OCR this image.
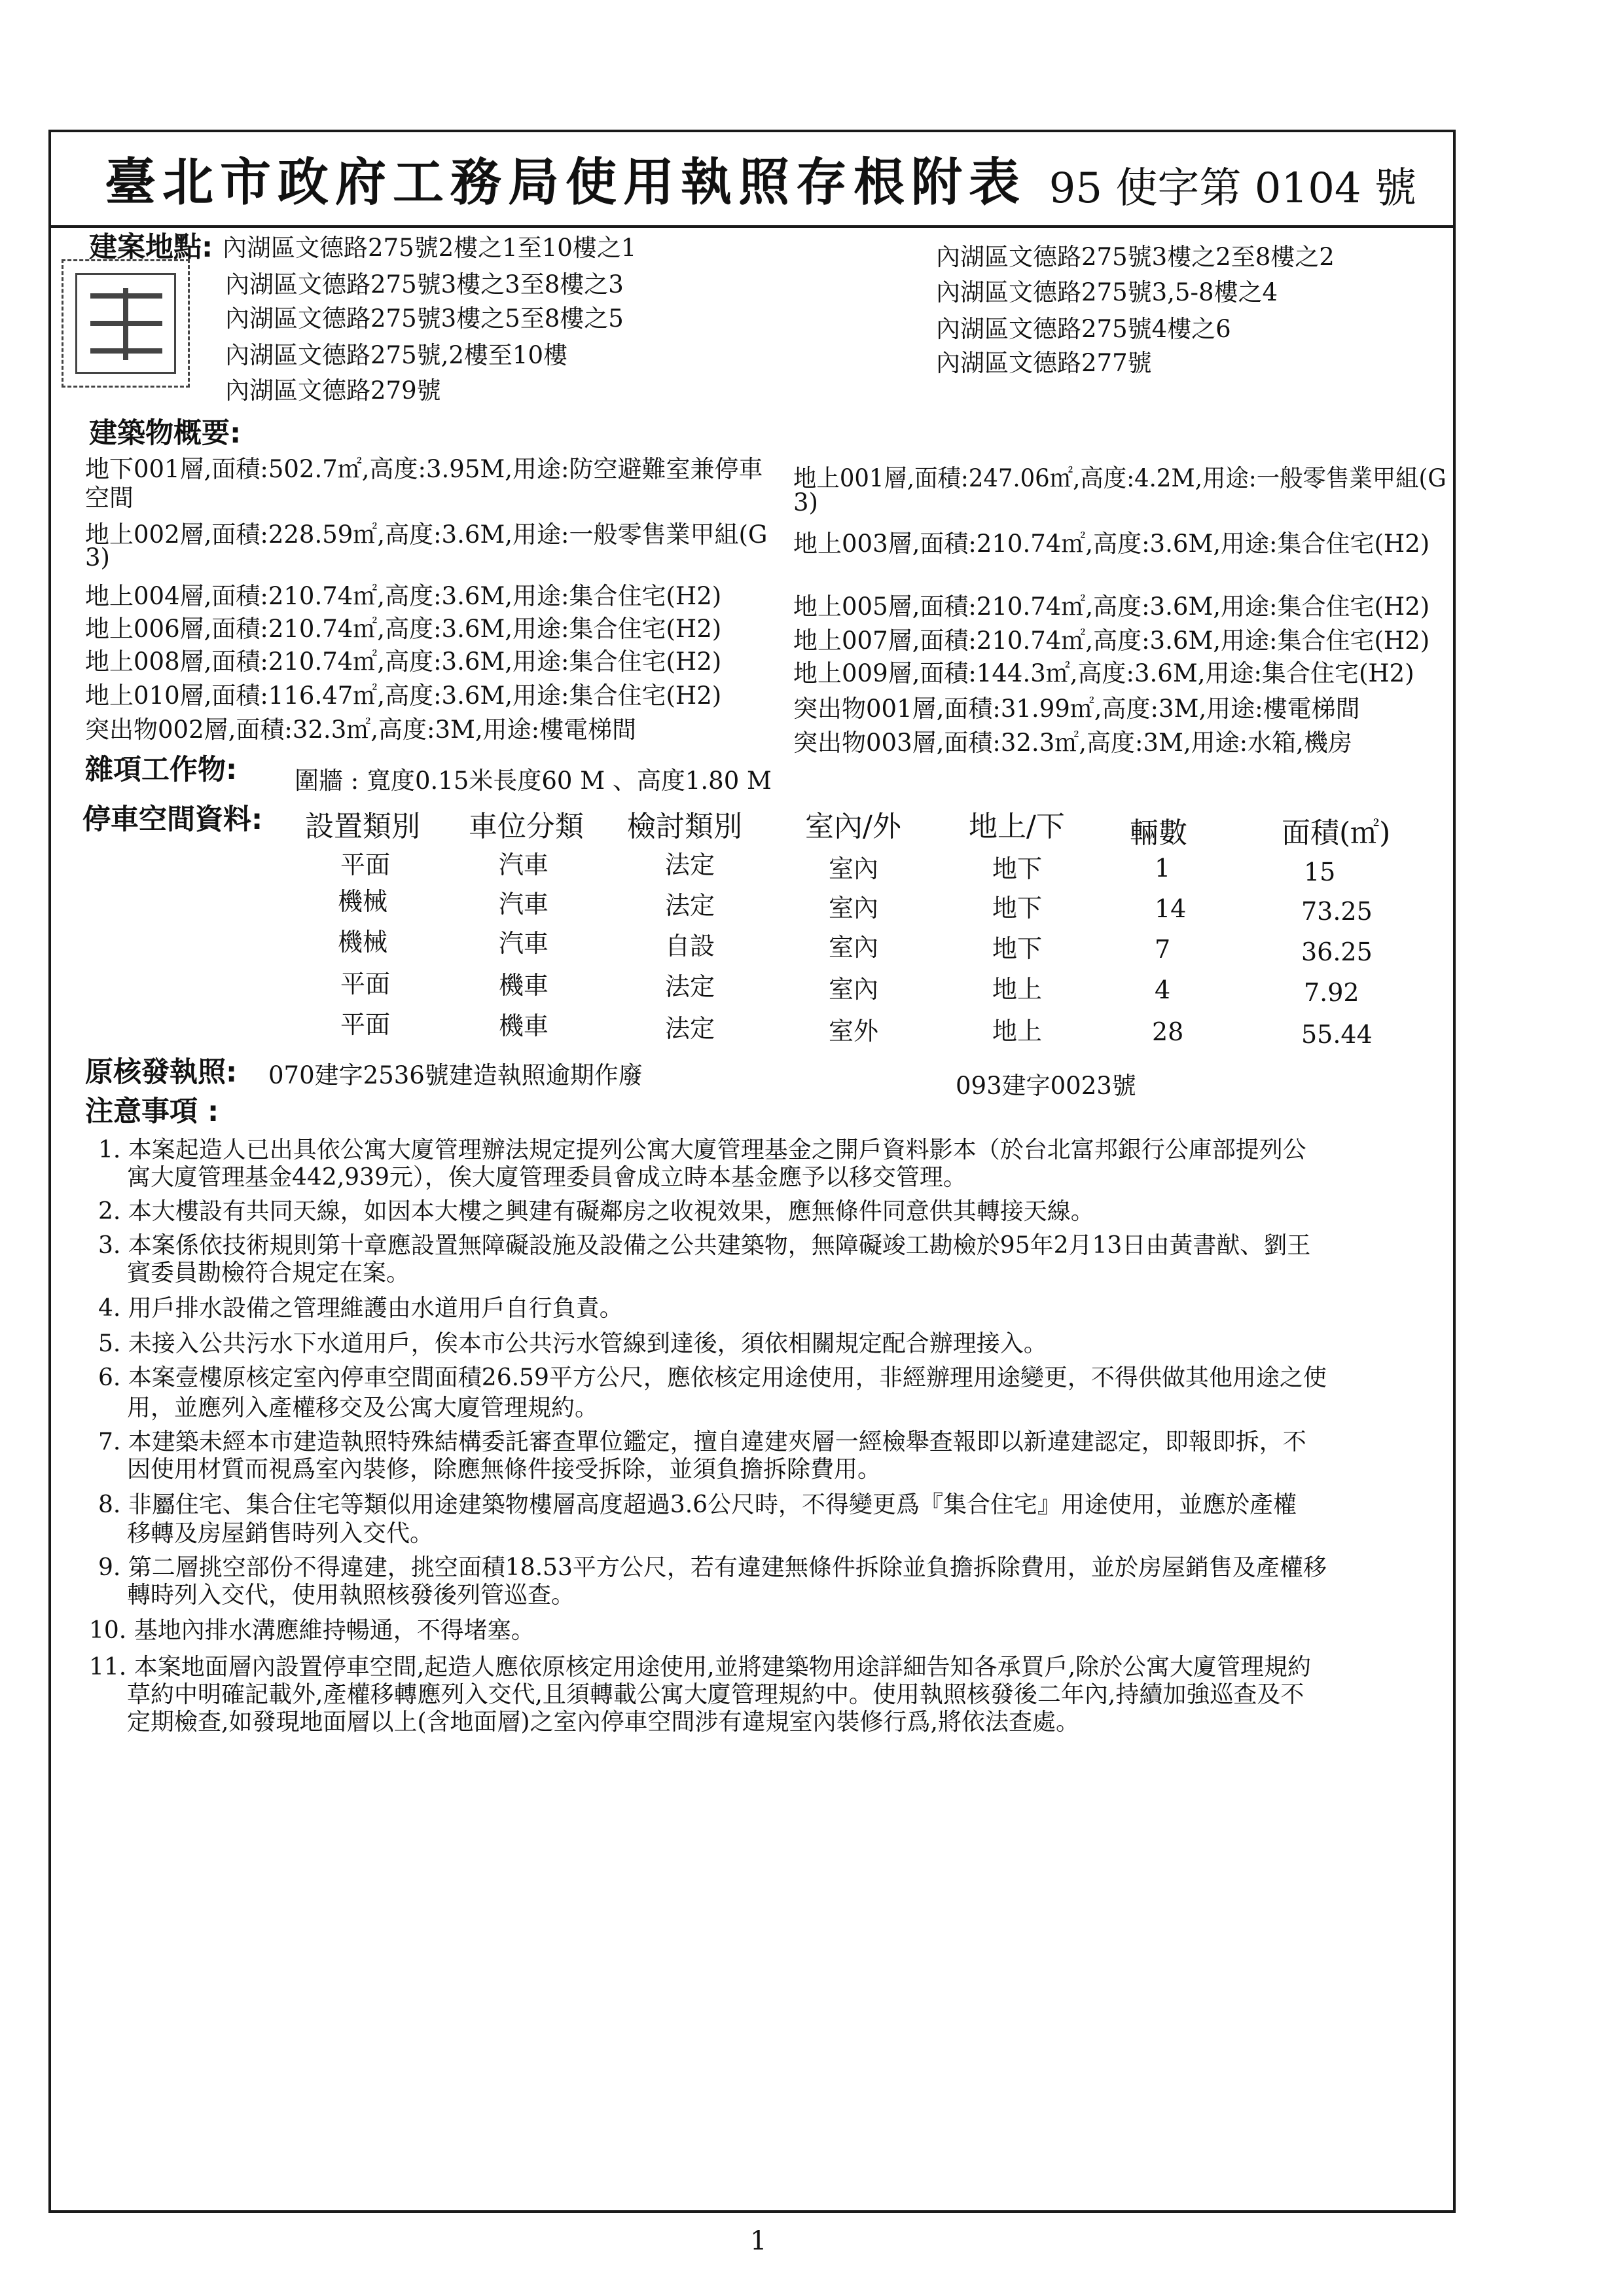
臺北市政府工務局使用執照存根附表 95 使字第 0104 號
建案地點: 內湖區文德路275號2樓之1至10樓之1
內湖區文德路275號3樓之3至8樓之3
內湖區文德路275號3樓之5至8樓之5
內湖區文德路275號,2樓至10樓
內湖區文德路279號
內湖區文德路275號3樓之2至8樓之2
內湖區文德路275號3,5-8樓之4
內湖區文德路275號4樓之6
內湖區文德路277號
建築物概要:
地下001層,面積:502.7㎡,高度:3.95M,用途:防空避難室兼停車
空間
地上002層,面積:228.59㎡,高度:3.6M,用途:一般零售業甲組(G
3)
地上004層,面積:210.74㎡,高度:3.6M,用途:集合住宅(H2)
地上006層,面積:210.74㎡,高度:3.6M,用途:集合住宅(H2)
地上008層,面積:210.74㎡,高度:3.6M,用途:集合住宅(H2)
地上010層,面積:116.47㎡,高度:3.6M,用途:集合住宅(H2)
突出物002層,面積:32.3㎡,高度:3M,用途:樓電梯間
地上001層,面積:247.06㎡,高度:4.2M,用途:一般零售業甲組(G
3)
地上003層,面積:210.74㎡,高度:3.6M,用途:集合住宅(H2)
地上005層,面積:210.74㎡,高度:3.6M,用途:集合住宅(H2)
地上007層,面積:210.74㎡,高度:3.6M,用途:集合住宅(H2)
地上009層,面積:144.3㎡,高度:3.6M,用途:集合住宅(H2)
突出物001層,面積:31.99㎡,高度:3M,用途:樓電梯間
突出物003層,面積:32.3㎡,高度:3M,用途:水箱,機房
雜項工作物: 圍牆 : 寬度0.15米長度60 M 、高度1.80 M
停車空間資料: 設置類別 車位分類 檢討類別 室內/外 地上/下 輛數	面積(㎡)
平面	汽車	法定	室內	地下	1	15
機械	汽車	法定	室內	地下	14	73.25
機械	汽車	自設	室內	地下	7	36.25
平面	機車	法定	室內	地上	4	7.92
平面	機車	法定	室外	地上	28	55.44
原核發執照: 070建字2536號建造執照逾期作廢	093建字0023號
注意事項 :
1. 本案起造人已出具依公寓大廈管理辦法規定提列公寓大廈管理基金之開戶資料影本（於台北富邦銀行公庫部提列公
寓大廈管理基金442,939元），俟大廈管理委員會成立時本基金應予以移交管理。
2. 本大樓設有共同天線，如因本大樓之興建有礙鄰房之收視效果，應無條件同意供其轉接天線。
3. 本案係依技術規則第十章應設置無障礙設施及設備之公共建築物，無障礙竣工勘檢於95年2月13日由黃書猷、劉王
賓委員勘檢符合規定在案。
4. 用戶排水設備之管理維護由水道用戶自行負責。
5. 未接入公共污水下水道用戶，俟本市公共污水管線到達後，須依相關規定配合辦理接入。
6. 本案壹樓原核定室內停車空間面積26.59平方公尺，應依核定用途使用，非經辦理用途變更，不得供做其他用途之使
用，並應列入產權移交及公寓大廈管理規約。
7. 本建築未經本市建造執照特殊結構委託審查單位鑑定，擅自違建夾層一經檢舉查報即以新違建認定，即報即拆，不
因使用材質而視爲室內裝修，除應無條件接受拆除，並須負擔拆除費用。
8. 非屬住宅、集合住宅等類似用途建築物樓層高度超過3.6公尺時，不得變更爲『集合住宅』用途使用，並應於產權
移轉及房屋銷售時列入交代。
9. 第二層挑空部份不得違建，挑空面積18.53平方公尺，若有違建無條件拆除並負擔拆除費用，並於房屋銷售及產權移
轉時列入交代，使用執照核發後列管巡查。
10. 基地內排水溝應維持暢通，不得堵塞。
11. 本案地面層內設置停車空間,起造人應依原核定用途使用,並將建築物用途詳細告知各承買戶,除於公寓大廈管理規約
草約中明確記載外,產權移轉應列入交代,且須轉載公寓大廈管理規約中。使用執照核發後二年內,持續加強巡查及不
定期檢查,如發現地面層以上(含地面層)之室內停車空間涉有違規室內裝修行爲,將依法查處。
1
